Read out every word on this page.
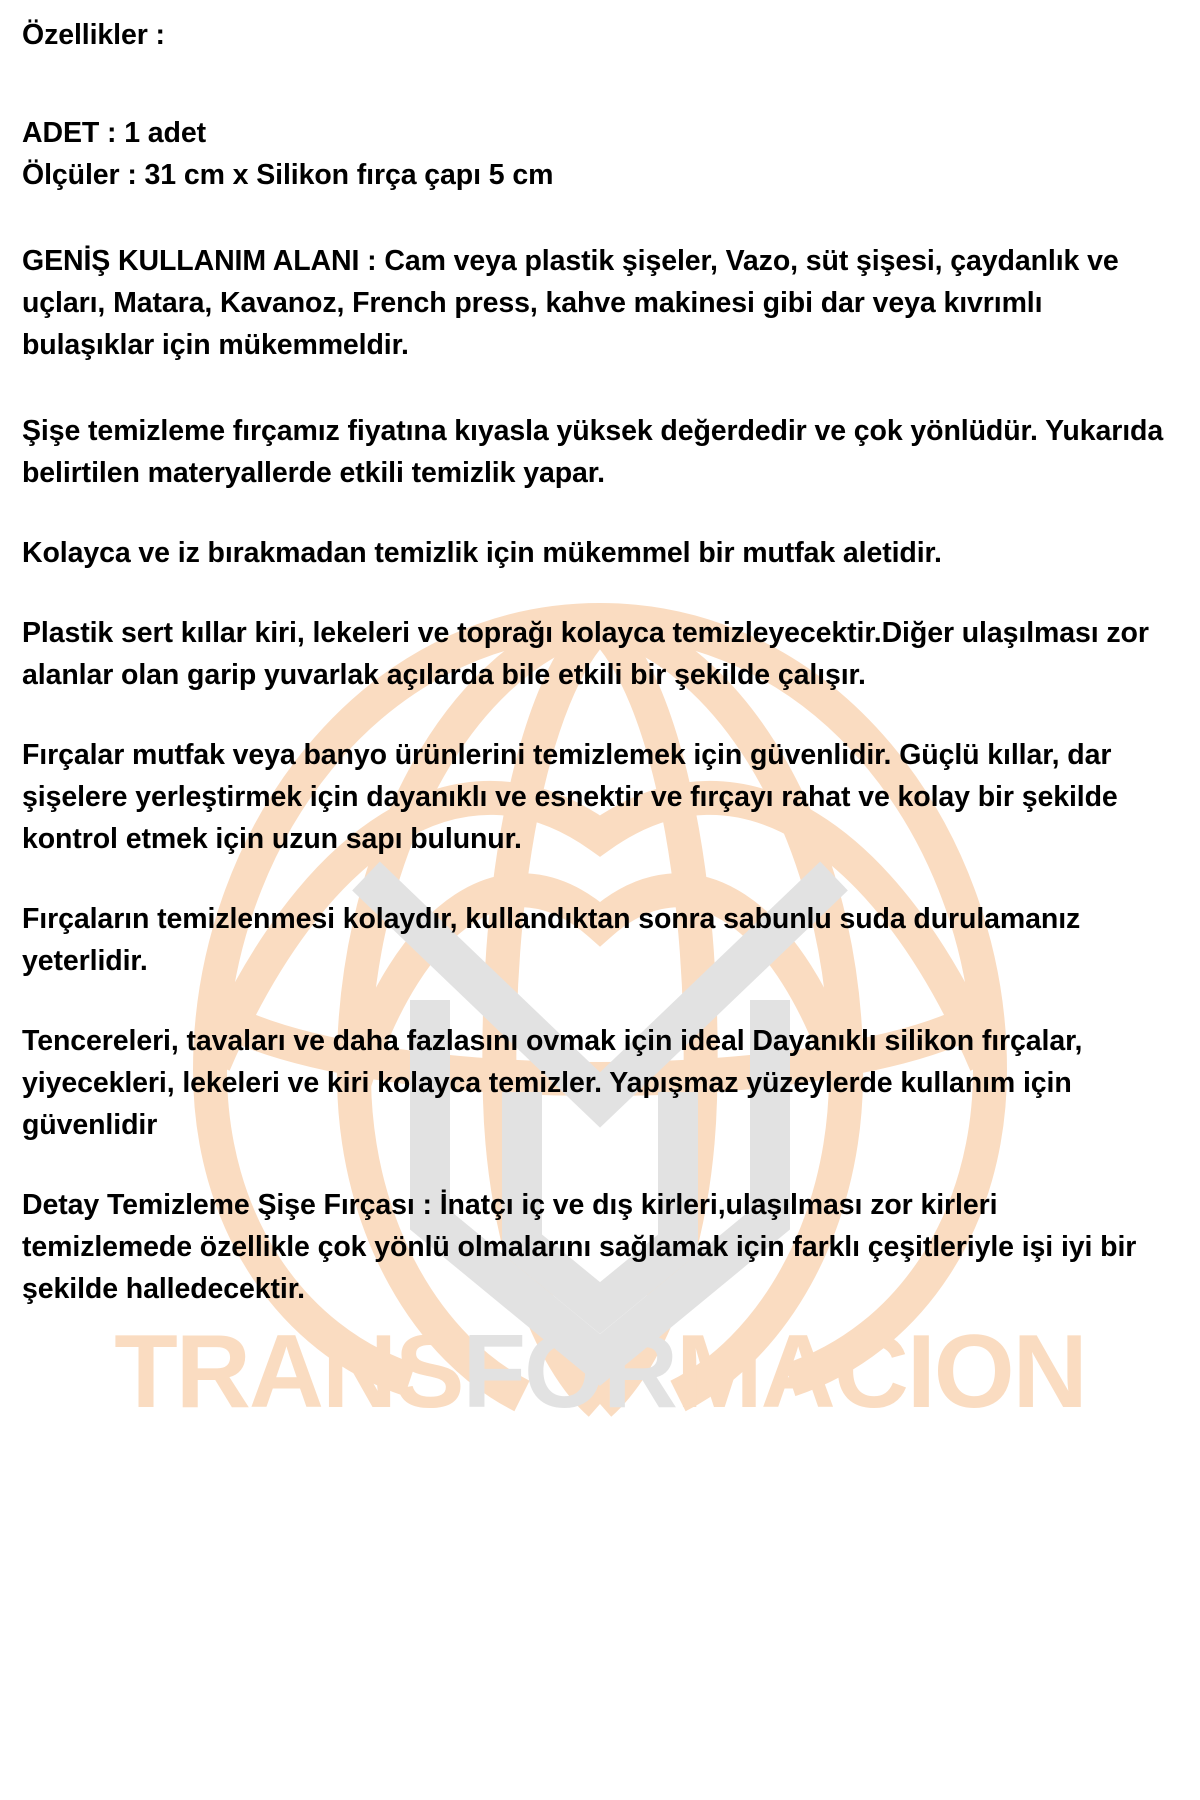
TRANSFORMACION
Özellikler :
ADET : 1 adet
Ölçüler : 31 cm x Silikon fırça çapı 5 cm
GENİŞ KULLANIM ALANI : Cam veya plastik şişeler, Vazo, süt şişesi, çaydanlık ve uçları, Matara, Kavanoz, French press, kahve makinesi gibi dar veya kıvrımlı bulaşıklar için mükemmeldir.
Şişe temizleme fırçamız fiyatına kıyasla yüksek değerdedir ve çok yönlüdür. Yukarıda belirtilen materyallerde etkili temizlik yapar.
Kolayca ve iz bırakmadan temizlik için mükemmel bir mutfak aletidir.
Plastik sert kıllar kiri, lekeleri ve toprağı kolayca temizleyecektir.Diğer ulaşılması zor alanlar olan garip yuvarlak açılarda bile etkili bir şekilde çalışır.
Fırçalar mutfak veya banyo ürünlerini temizlemek için güvenlidir. Güçlü kıllar, dar şişelere yerleştirmek için dayanıklı ve esnektir ve fırçayı rahat ve kolay bir şekilde kontrol etmek için uzun sapı bulunur.
Fırçaların temizlenmesi kolaydır, kullandıktan sonra sabunlu suda durulamanız yeterlidir.
Tencereleri, tavaları ve daha fazlasını ovmak için ideal Dayanıklı silikon fırçalar, yiyecekleri, lekeleri ve kiri kolayca temizler. Yapışmaz yüzeylerde kullanım için güvenlidir
Detay Temizleme Şişe Fırçası : İnatçı iç ve dış kirleri,ulaşılması zor kirleri temizlemede özellikle çok yönlü olmalarını sağlamak için farklı çeşitleriyle işi iyi bir şekilde halledecektir.
